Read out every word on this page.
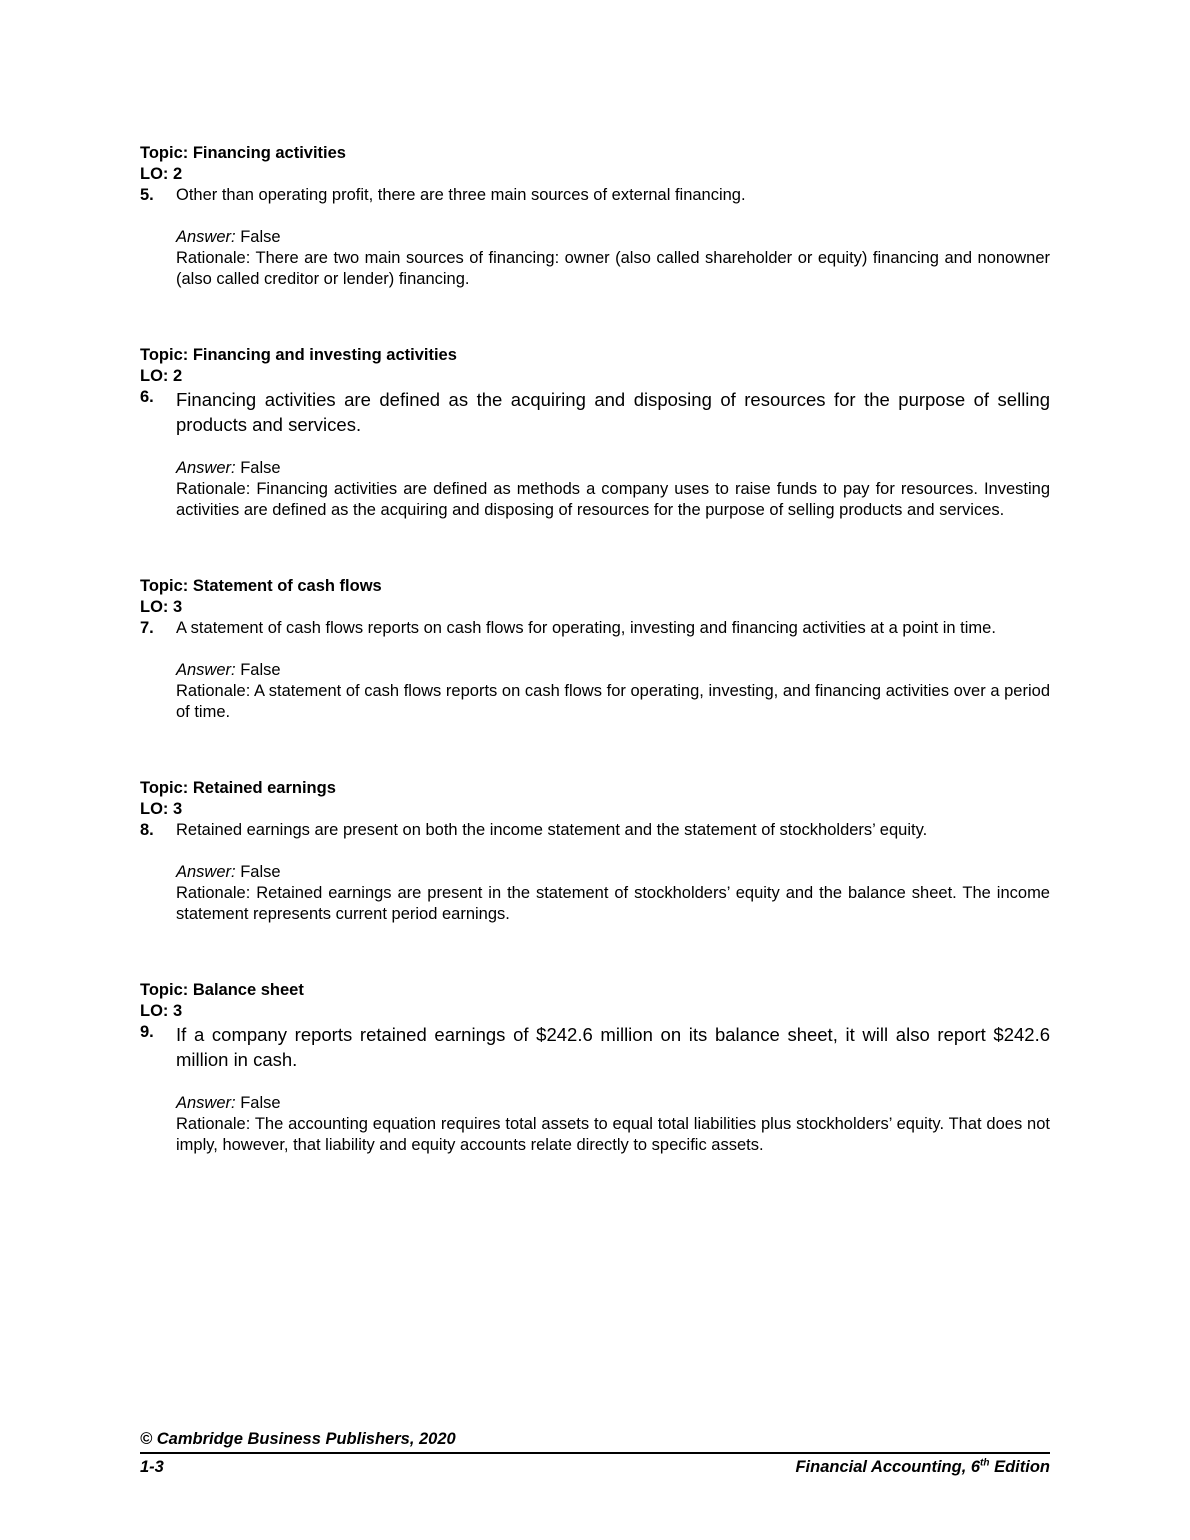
Topic: Financing activities
LO: 2
5.	Other than operating profit, there are three main sources of external financing.
Answer: False
Rationale: There are two main sources of financing: owner (also called shareholder or equity) financing and nonowner (also called creditor or lender) financing.
Topic: Financing and investing activities
LO: 2
6.	Financing activities are defined as the acquiring and disposing of resources for the purpose of selling products and services.
Answer: False
Rationale: Financing activities are defined as methods a company uses to raise funds to pay for resources. Investing activities are defined as the acquiring and disposing of resources for the purpose of selling products and services.
Topic: Statement of cash flows
LO: 3
7.	A statement of cash flows reports on cash flows for operating, investing and financing activities at a point in time.
Answer: False
Rationale: A statement of cash flows reports on cash flows for operating, investing, and financing activities over a period of time.
Topic: Retained earnings
LO: 3
8.	Retained earnings are present on both the income statement and the statement of stockholders’ equity.
Answer: False
Rationale: Retained earnings are present in the statement of stockholders’ equity and the balance sheet. The income statement represents current period earnings.
Topic: Balance sheet
LO: 3
9.	If a company reports retained earnings of $242.6 million on its balance sheet, it will also report $242.6 million in cash.
Answer: False
Rationale: The accounting equation requires total assets to equal total liabilities plus stockholders’ equity. That does not imply, however, that liability and equity accounts relate directly to specific assets.
© Cambridge Business Publishers, 2020
1-3	Financial Accounting, 6th Edition
